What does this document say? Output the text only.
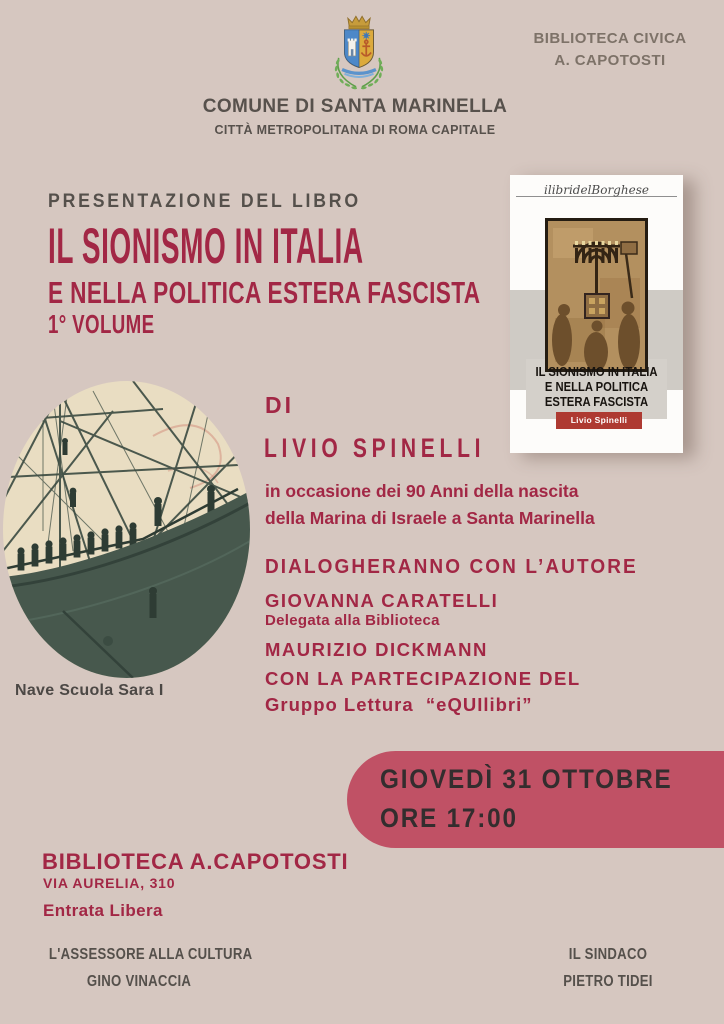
COMUNE DI SANTA MARINELLA
CITTÀ METROPOLITANA DI ROMA CAPITALE
BIBLIOTECA CIVICA
A. CAPOTOSTI
PRESENTAZIONE DEL LIBRO
IL SIONISMO IN ITALIA
E NELLA POLITICA ESTERA FASCISTA
1° VOLUME
ilibridelBorghese
IL SIONISMO IN ITALIA
E NELLA POLITICA
ESTERA FASCISTA
Livio Spinelli
Nave Scuola Sara I
DI
LIVIO SPINELLI
in occasione dei 90 Anni della nascita
della Marina di Israele a Santa Marinella
DIALOGHERANNO CON L’AUTORE
GIOVANNA CARATELLI
Delegata alla Biblioteca
MAURIZIO DICKMANN
CON LA PARTECIPAZIONE DEL
Gruppo Lettura  “eQUIlibri”
GIOVEDÌ 31 OTTOBRE
ORE 17:00
BIBLIOTECA A.CAPOTOSTI
VIA AURELIA, 310
Entrata Libera
L'ASSESSORE ALLA CULTURA
GINO VINACCIA
IL SINDACO
PIETRO TIDEI
